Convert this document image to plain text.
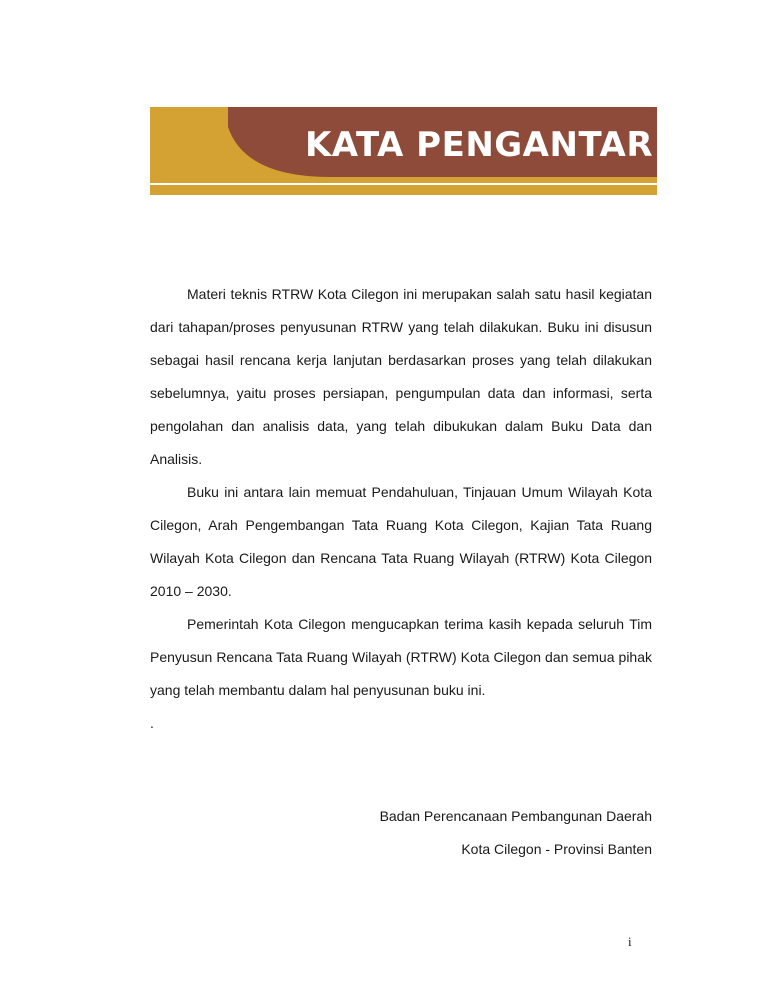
KATA PENGANTAR

Materi teknis RTRW Kota Cilegon ini merupakan salah satu hasil kegiatan dari tahapan/proses penyusunan RTRW yang telah dilakukan. Buku ini disusun sebagai hasil rencana kerja lanjutan berdasarkan proses yang telah dilakukan sebelumnya, yaitu proses persiapan, pengumpulan data dan informasi, serta pengolahan dan analisis data, yang telah dibukukan dalam Buku Data dan Analisis.

Buku ini antara lain memuat Pendahuluan, Tinjauan Umum Wilayah Kota Cilegon, Arah Pengembangan Tata Ruang Kota Cilegon, Kajian Tata Ruang Wilayah Kota Cilegon dan Rencana Tata Ruang Wilayah (RTRW) Kota Cilegon 2010 – 2030.

Pemerintah Kota Cilegon mengucapkan terima kasih kepada seluruh Tim Penyusun Rencana Tata Ruang Wilayah (RTRW) Kota Cilegon dan semua pihak yang telah membantu dalam hal penyusunan buku ini.

.

Badan Perencanaan Pembangunan Daerah
Kota Cilegon - Provinsi Banten
i
